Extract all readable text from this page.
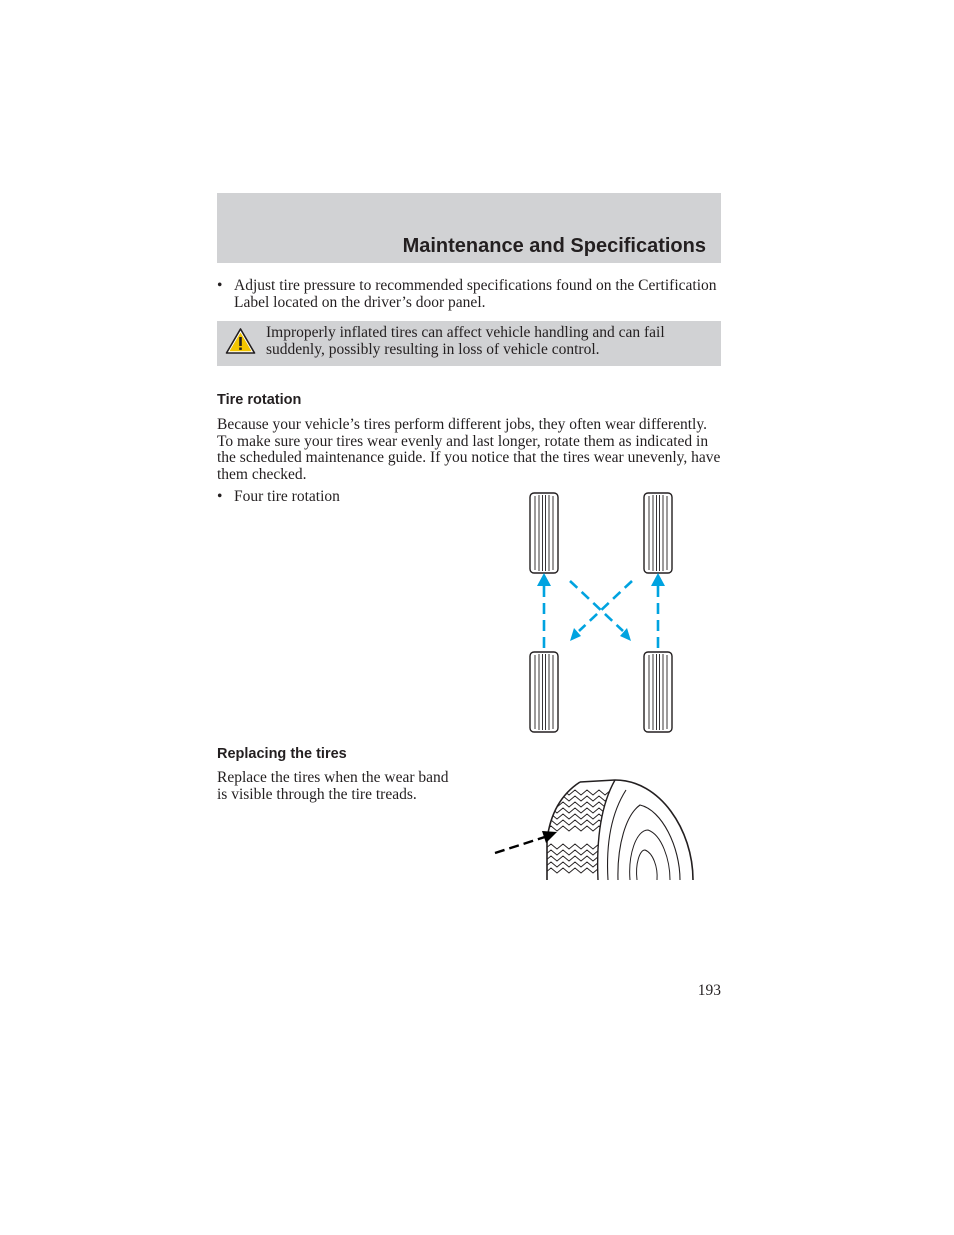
Maintenance and Specifications
• Adjust tire pressure to recommended specifications found on the Certification Label located on the driver’s door panel.
Improperly inflated tires can affect vehicle handling and can fail suddenly, possibly resulting in loss of vehicle control.
Tire rotation
Because your vehicle’s tires perform different jobs, they often wear differently. To make sure your tires wear evenly and last longer, rotate them as indicated in the scheduled maintenance guide. If you notice that the tires wear unevenly, have them checked.
• Four tire rotation
Replacing the tires
Replace the tires when the wear band is visible through the tire treads.
193
